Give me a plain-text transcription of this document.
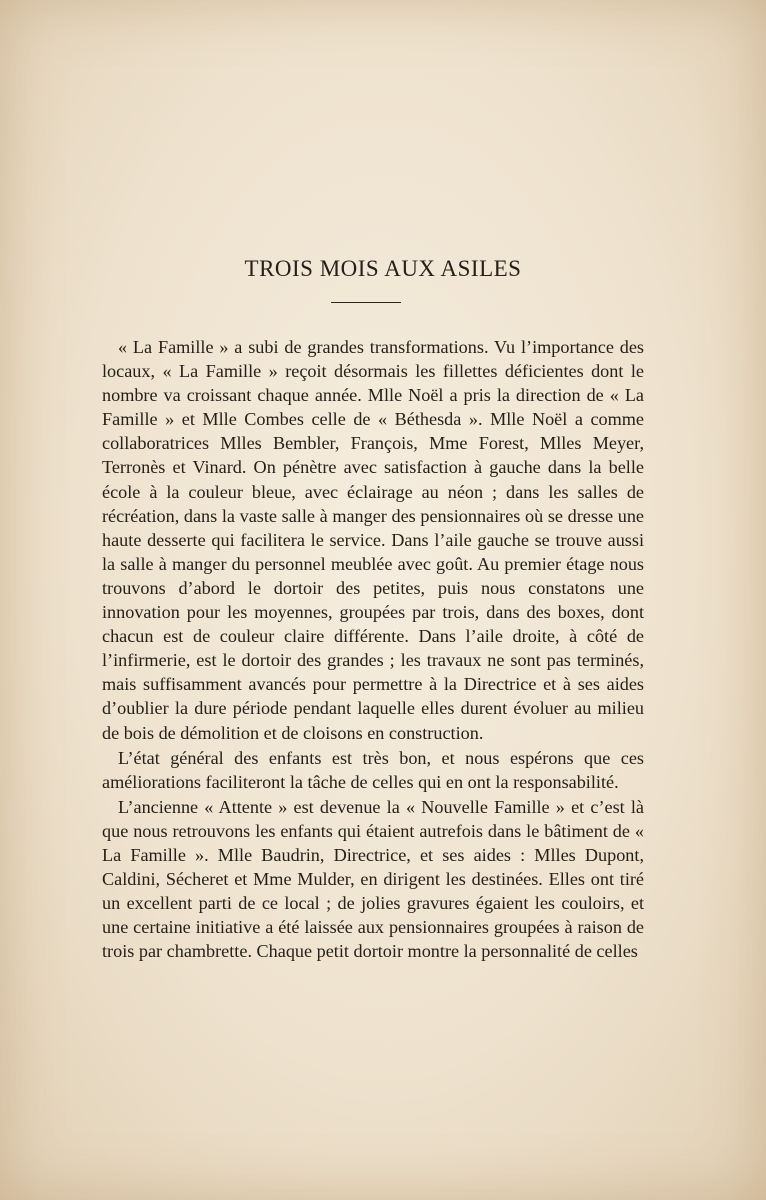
TROIS MOIS AUX ASILES

« La Famille » a subi de grandes transformations. Vu l’importance des locaux, « La Famille » reçoit désormais les fillettes déficientes dont le nombre va croissant chaque année. Mlle Noël a pris la direction de « La Famille » et Mlle Combes celle de « Béthesda ». Mlle Noël a comme collaboratrices Mlles Bembler, François, Mme Forest, Mlles Meyer, Terronès et Vinard. On pénètre avec satisfaction à gauche dans la belle école à la couleur bleue, avec éclairage au néon ; dans les salles de récréation, dans la vaste salle à manger des pensionnaires où se dresse une haute desserte qui facilitera le service. Dans l’aile gauche se trouve aussi la salle à manger du personnel meublée avec goût. Au premier étage nous trouvons d’abord le dortoir des petites, puis nous constatons une innovation pour les moyennes, groupées par trois, dans des boxes, dont chacun est de couleur claire différente. Dans l’aile droite, à côté de l’infirmerie, est le dortoir des grandes ; les travaux ne sont pas terminés, mais suffisamment avancés pour permettre à la Directrice et à ses aides d’oublier la dure période pendant laquelle elles durent évoluer au milieu de bois de démolition et de cloisons en construction.

L’état général des enfants est très bon, et nous espérons que ces améliorations faciliteront la tâche de celles qui en ont la responsabilité.

L’ancienne « Attente » est devenue la « Nouvelle Famille » et c’est là que nous retrouvons les enfants qui étaient autrefois dans le bâtiment de « La Famille ». Mlle Baudrin, Directrice, et ses aides : Mlles Dupont, Caldini, Sécheret et Mme Mulder, en dirigent les destinées. Elles ont tiré un excellent parti de ce local ; de jolies gravures égaient les couloirs, et une certaine initiative a été laissée aux pensionnaires groupées à raison de trois par chambrette. Chaque petit dortoir montre la personnalité de celles
